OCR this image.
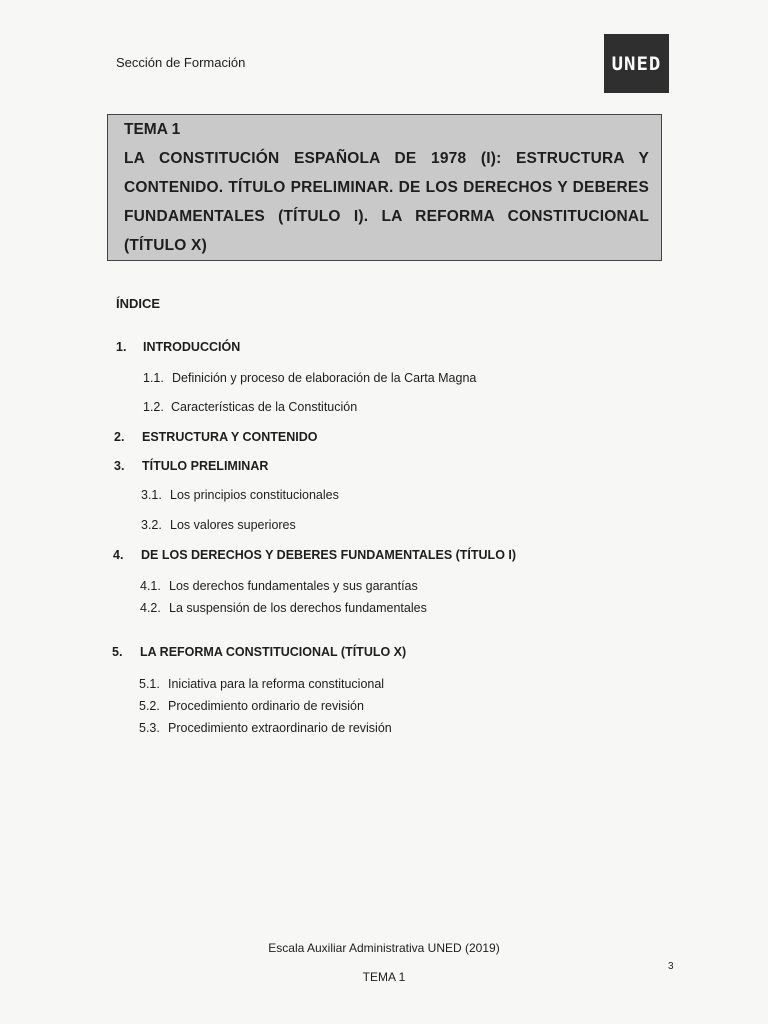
Sección de Formación	UNED
TEMA 1
LA CONSTITUCIÓN ESPAÑOLA DE 1978 (I): ESTRUCTURA Y CONTENIDO. TÍTULO PRELIMINAR. DE LOS DERECHOS Y DEBERES FUNDAMENTALES (TÍTULO I). LA REFORMA CONSTITUCIONAL (TÍTULO X)
ÍNDICE
1. INTRODUCCIÓN
1.1. Definición y proceso de elaboración de la Carta Magna
1.2. Características de la Constitución
2. ESTRUCTURA Y CONTENIDO
3. TÍTULO PRELIMINAR
3.1. Los principios constitucionales
3.2. Los valores superiores
4. DE LOS DERECHOS Y DEBERES FUNDAMENTALES (TÍTULO I)
4.1. Los derechos fundamentales y sus garantías
4.2. La suspensión de los derechos fundamentales
5. LA REFORMA CONSTITUCIONAL (TÍTULO X)
5.1. Iniciativa para la reforma constitucional
5.2. Procedimiento ordinario de revisión
5.3. Procedimiento extraordinario de revisión
Escala Auxiliar Administrativa UNED (2019)
TEMA 1
3
